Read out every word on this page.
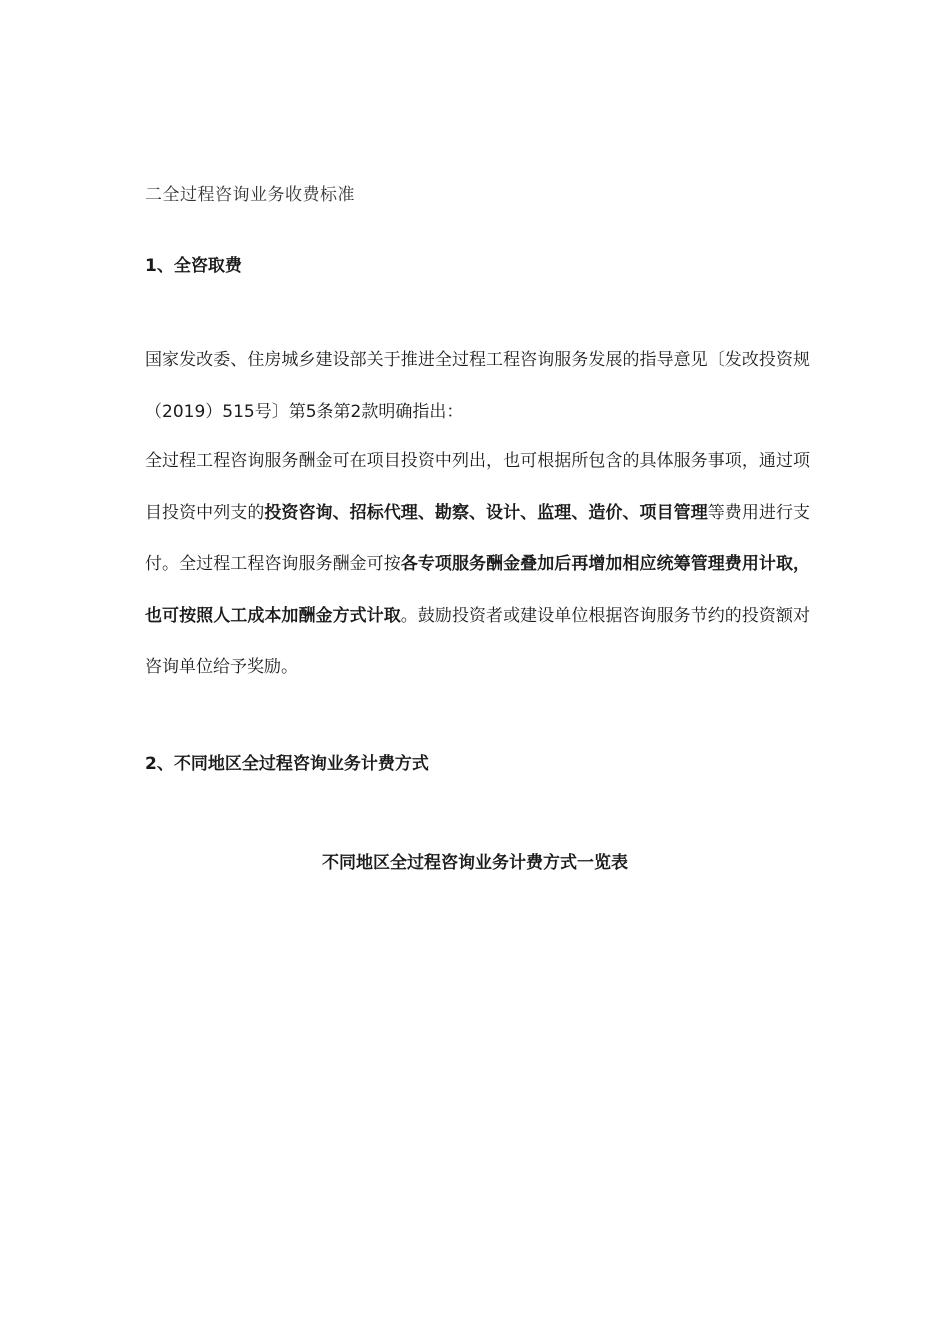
二全过程咨询业务收费标准
1、全咨取费
国家发改委、住房城乡建设部关于推进全过程工程咨询服务发展的指导意见〔发改投资规（2019）515号〕第5条第2款明确指出：
全过程工程咨询服务酬金可在项目投资中列出，也可根据所包含的具体服务事项，通过项目投资中列支的投资咨询、招标代理、勘察、设计、监理、造价、项目管理等费用进行支付。全过程工程咨询服务酬金可按各专项服务酬金叠加后再增加相应统筹管理费用计取，也可按照人工成本加酬金方式计取。鼓励投资者或建设单位根据咨询服务节约的投资额对咨询单位给予奖励。
2、不同地区全过程咨询业务计费方式
不同地区全过程咨询业务计费方式一览表
